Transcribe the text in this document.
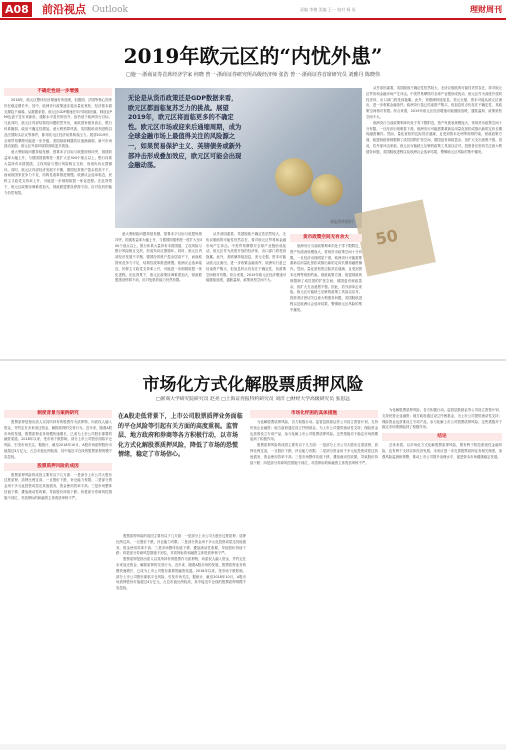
A08 前沿视点 Outlook	责编 李德 美编 王一 校对 杨 易	理财周刊
2019年欧元区的“内忧外患”
□施一·浙商证券首席经济学家 何晓 曾一·浙商证券研究所高级经济师 张浩 曾一·浙商证券首席研究员 刘雅丹 陈晓伟
不确定性进一步增强

2018年，欧元区整体经济增速有所放缓，但德国、法国等核心国家仍在稳定增长中。其中，欧洲央行政策逐步退出量化宽松，经济基本面支撑趋于减弱。从数据来看，欧元区GDP增速在年内持续回落，制造业PMI也创下近年来新低，通胀水平虽有所回升，但仍低于欧洲央行目标。与此同时，欧元区内部结构性问题依然突出，南欧国家债务高企，银行体系脆弱，政治不确定性增加。意大利预算风波、英国脱欧谈判进程以及法国街头抗议等事件，都对欧元区经济前景构成压力。展望2019年，全球贸易摩擦可能进一步升级，美国财政刺激效应逐渐减弱，新兴市场波动加剧，欧元区外部环境将面临更多挑战。

意大利财政问题持续发酵，预算赤字目标与欧盟规则冲突，国债收益率大幅上升，与德国国债利差一度扩大至300个基点以上。银行体系大量持有本国国债，主权风险与银行风险相互交织，形成负向反馈循环。同时，欧元区内部经济发展不平衡，德国经常账户盈余居高不下，而南欧国家竞争力不足，结构性改革推进缓慢。欧洲议会选举临近，民粹主义政党支持率上升，可能进一步削弱欧盟一体化进程。在此背景下，欧元区政策协调难度加大，财政联盟建设停滞不前，应对危机的能力仍然有限。

50
无论是从货币政策还是GDP数据来看，欧元区都面临复苏乏力的挑战。展望2019年，欧元区将面临更多的不确定性。欧元区市场或迎来后通缩周期，成为全球金融市场上最值得关注的风险源之一，如果贸易保护主义、英镑债务或新外部冲击形成叠加效应，欧元区可能会出现金融动荡。
本报资料图片

意大利财政问题持续发酵，预算赤字目标与欧盟规则冲突，国债收益率大幅上升，与德国国债利差一度扩大至300个基点以上。银行体系大量持有本国国债，主权风险与银行风险相互交织，形成负向反馈循环。同时，欧元区内部经济发展不平衡，德国经常账户盈余居高不下，而南欧国家竞争力不足，结构性改革推进缓慢。欧洲议会选举临近，民粹主义政党支持率上升，可能进一步削弱欧盟一体化进程。在此背景下，欧元区政策协调难度加大，财政联盟建设停滞不前，应对危机的能力仍然有限。

从外部因素看，英国脱欧不确定性依然较大，无协议脱欧的可能性仍然存在，将对欧元区贸易和金融市场产生冲击。中美贸易摩擦对全球产业链形成扰动，欧元区作为高度开放的经济体，出口部门将受到拖累。此外，美联储持续加息，美元走强，资本可能从欧元区流出，进一步收紧金融条件。欧洲央行虽已结束资产购买，但加息时点仍存在不确定性，其政策空间相对有限。综合来看，2019年欧元区经济增速可能继续放缓，通胀温和，政策宽松空间不大。

货币政策空间无有余大

欧洲央行当前政策利率仍处于零下限附近，资产负债表规模庞大，常规货币政策空间十分有限。一旦经济出现明显下滑，欧洲央行可能需要重新启用量化宽松或推出新的定向长期再融资操作。然而，量化宽松的边际效应递减，且受到资本比例等规则约束。财政政策方面，欧盟财政规则限制了成员国的扩张空间，德国虽有财政盈余，但扩大支出意愿不强。因此，若外部冲击来临，欧元区可能缺乏足够的政策工具加以应对。投资者应密切关注意大利债务问题、英国脱欧进程以及欧洲议会选举结果，警惕欧元区风险的集中爆发。

从外部因素看，英国脱欧不确定性依然较大，无协议脱欧的可能性仍然存在，将对欧元区贸易和金融市场产生冲击。中美贸易摩擦对全球产业链形成扰动，欧元区作为高度开放的经济体，出口部门将受到拖累。此外，美联储持续加息，美元走强，资本可能从欧元区流出，进一步收紧金融条件。欧洲央行虽已结束资产购买，但加息时点仍存在不确定性，其政策空间相对有限。综合来看，2019年欧元区经济增速可能继续放缓，通胀温和，政策宽松空间不大。

欧洲央行当前政策利率仍处于零下限附近，资产负债表规模庞大，常规货币政策空间十分有限。一旦经济出现明显下滑，欧洲央行可能需要重新启用量化宽松或推出新的定向长期再融资操作。然而，量化宽松的边际效应递减，且受到资本比例等规则约束。财政政策方面，欧盟财政规则限制了成员国的扩张空间，德国虽有财政盈余，但扩大支出意愿不强。因此，若外部冲击来临，欧元区可能缺乏足够的政策工具加以应对。投资者应密切关注意大利债务问题、英国脱欧进程以及欧洲议会选举结果，警惕欧元区风险的集中爆发。

市场化方式化解股票质押风险
□浙商大学研究院研究员 赵亮 □上海证券报特约研究员 刘洋 □财经大学高级研究员 张思远
制度背景与案例研究

股票质押是指出质人以其所持有的股票作为质押物，向质权人融入资金，并约定在未来返还资金、解除质押的交易行为。近年来，随着A股市场的发展，股票质押业务规模快速增长，已成为上市公司股东重要的融资渠道。2018年以来，受市场下跌影响，部分上市公司股东面临平仓风险，引发市场关注。据统计，截至2018年10月，A股市场质押股份市值超过4万亿元，占总市值比例较高，其中接近平仓线的股票质押规模不容忽视。

股票质押风险的成因

股票质押风险的成因主要有以下几方面：一是部分上市公司大股东过度质押，质押比例过高，一旦股价下跌，补仓能力有限；二是部分资金用于多元化投资或偿还其他债务，资金使用效率不高；三是市场整体估值下移，叠加流动性收紧，导致股价持续下跌；四是部分券商风控措施不到位，对质押标的和融资主体资质审核不严。

在A股走低背景下，上市公司股票质押业务面临的平仓风险等引起有关方面的高度重视。监管层、地方政府和券商等各方积极行动，以市场化方式化解股票质押风险，降低了市场的恐慌情绪，稳定了市场信心。

股票质押风险的成因主要有以下几方面：一是部分上市公司大股东过度质押，质押比例过高，一旦股价下跌，补仓能力有限；二是部分资金用于多元化投资或偿还其他债务，资金使用效率不高；三是市场整体估值下移，叠加流动性收紧，导致股价持续下跌；四是部分券商风控措施不到位，对质押标的和融资主体资质审核不严。

股票质押是指出质人以其所持有的股票作为质押物，向质权人融入资金，并约定在未来返还资金、解除质押的交易行为。近年来，随着A股市场的发展，股票质押业务规模快速增长，已成为上市公司股东重要的融资渠道。2018年以来，受市场下跌影响，部分上市公司股东面临平仓风险，引发市场关注。据统计，截至2018年10月，A股市场质押股份市值超过4万亿元，占总市值比例较高，其中接近平仓线的股票质押规模不容忽视。

市场化纾困的具体措施

为化解股票质押风险，各方积极行动。监管层鼓励证券公司设立资管计划，支持民营企业融资；地方政府通过设立纾困基金，为上市公司提供流动性支持；保险资金也获准设立专项产品，参与化解上市公司股票质押风险。这些措施对于稳定市场预期起到了积极作用。

股票质押风险的成因主要有以下几方面：一是部分上市公司大股东过度质押，质押比例过高，一旦股价下跌，补仓能力有限；二是部分资金用于多元化投资或偿还其他债务，资金使用效率不高；三是市场整体估值下移，叠加流动性收紧，导致股价持续下跌；四是部分券商风控措施不到位，对质押标的和融资主体资质审核不严。

为化解股票质押风险，各方积极行动。监管层鼓励证券公司设立资管计划，支持民营企业融资；地方政府通过设立纾困基金，为上市公司提供流动性支持；保险资金也获准设立专项产品，参与化解上市公司股票质押风险。这些措施对于稳定市场预期起到了积极作用。

结论

总体来看，以市场化方式化解股票质押风险，既有利于防范系统性金融风险，也有利于支持实体经济发展。未来应进一步完善股票质押业务相关制度，加强风险监测和预警，推动上市公司提升治理水平，促进资本市场健康稳定发展。
